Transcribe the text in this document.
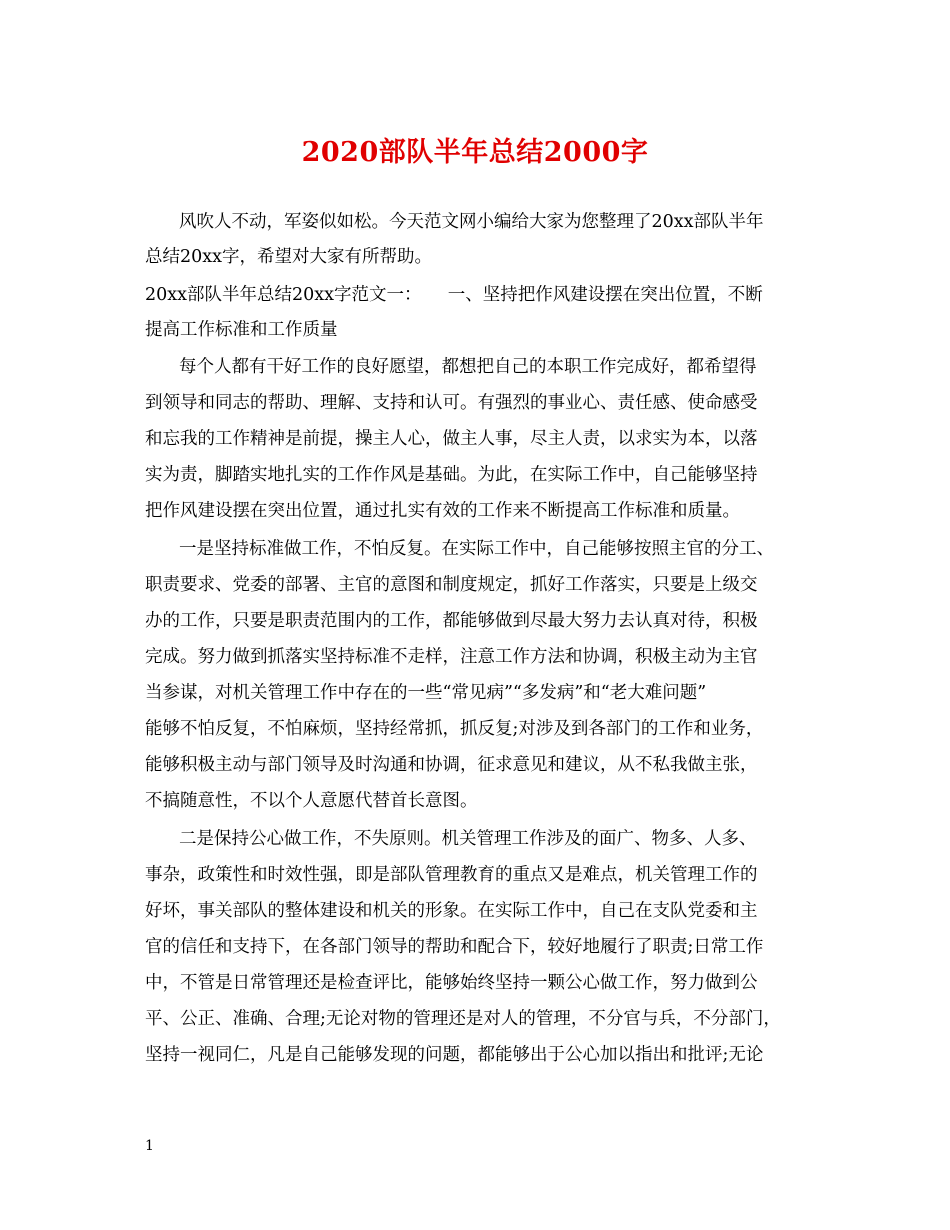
2020部队半年总结2000字
风吹人不动，军姿似如松。今天范文网小编给大家为您整理了20xx部队半年
总结20xx字，希望对大家有所帮助。
20xx部队半年总结20xx字范文一：　　一、坚持把作风建设摆在突出位置，不断
提高工作标准和工作质量
每个人都有干好工作的良好愿望，都想把自己的本职工作完成好，都希望得
到领导和同志的帮助、理解、支持和认可。有强烈的事业心、责任感、使命感受
和忘我的工作精神是前提，操主人心，做主人事，尽主人责，以求实为本，以落
实为责，脚踏实地扎实的工作作风是基础。为此，在实际工作中，自己能够坚持
把作风建设摆在突出位置，通过扎实有效的工作来不断提高工作标准和质量。
一是坚持标准做工作，不怕反复。在实际工作中，自己能够按照主官的分工、
职责要求、党委的部署、主官的意图和制度规定，抓好工作落实，只要是上级交
办的工作，只要是职责范围内的工作，都能够做到尽最大努力去认真对待，积极
完成。努力做到抓落实坚持标准不走样，注意工作方法和协调，积极主动为主官
当参谋，对机关管理工作中存在的一些“常见病”“多发病”和“老大难问题”
能够不怕反复，不怕麻烦，坚持经常抓，抓反复;对涉及到各部门的工作和业务，
能够积极主动与部门领导及时沟通和协调，征求意见和建议，从不私我做主张，
不搞随意性，不以个人意愿代替首长意图。
二是保持公心做工作，不失原则。机关管理工作涉及的面广、物多、人多、
事杂，政策性和时效性强，即是部队管理教育的重点又是难点，机关管理工作的
好坏，事关部队的整体建设和机关的形象。在实际工作中，自己在支队党委和主
官的信任和支持下，在各部门领导的帮助和配合下，较好地履行了职责;日常工作
中，不管是日常管理还是检查评比，能够始终坚持一颗公心做工作，努力做到公
平、公正、准确、合理;无论对物的管理还是对人的管理，不分官与兵，不分部门，
坚持一视同仁，凡是自己能够发现的问题，都能够出于公心加以指出和批评;无论
1
